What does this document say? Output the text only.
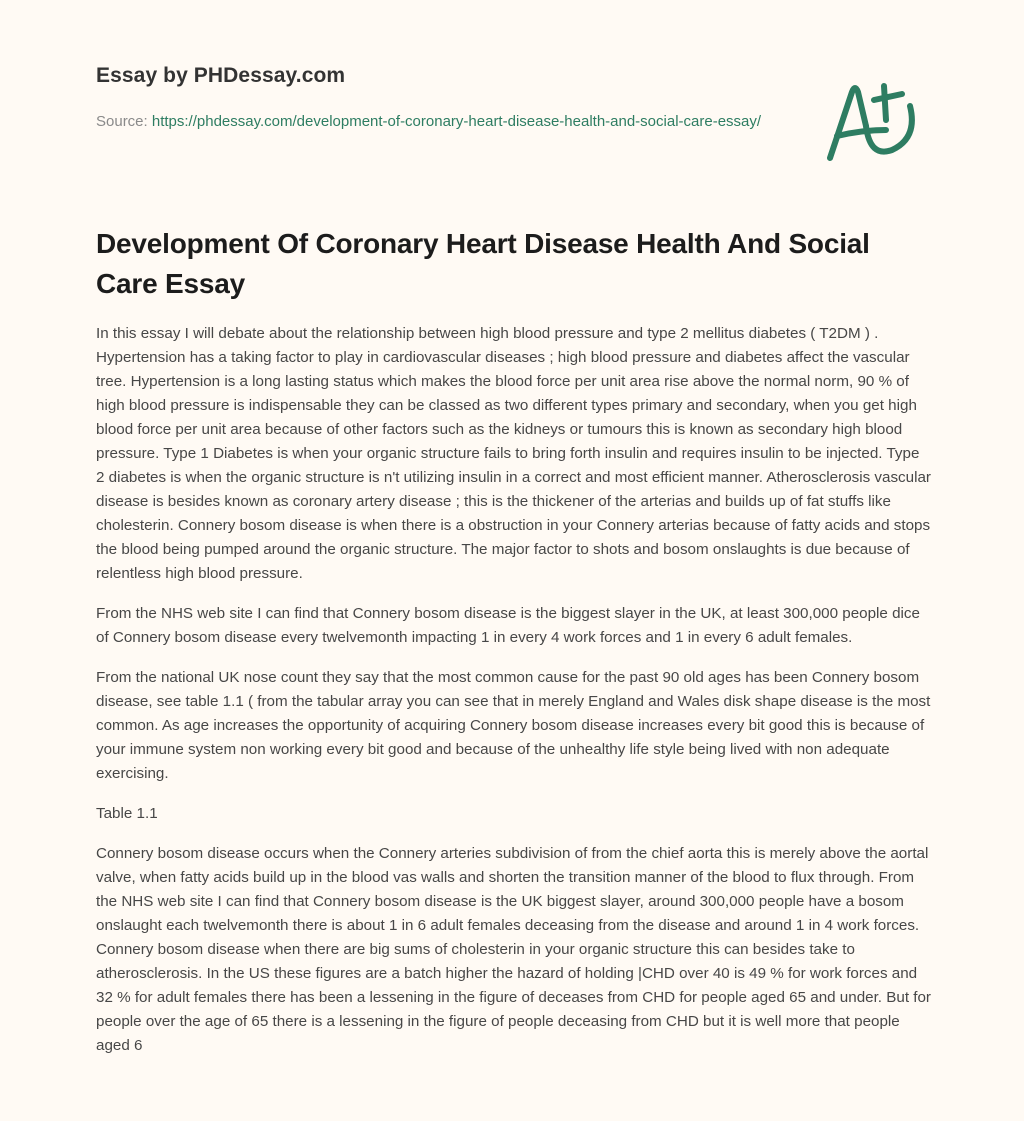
Essay by PHDessay.com
Source: https://phdessay.com/development-of-coronary-heart-disease-health-and-social-care-essay/
Development Of Coronary Heart Disease Health And Social Care Essay

In this essay I will debate about the relationship between high blood pressure and type 2 mellitus diabetes ( T2DM ) . Hypertension has a taking factor to play in cardiovascular diseases ; high blood pressure and diabetes affect the vascular tree. Hypertension is a long lasting status which makes the blood force per unit area rise above the normal norm, 90 % of high blood pressure is indispensable they can be classed as two different types primary and secondary, when you get high blood force per unit area because of other factors such as the kidneys or tumours this is known as secondary high blood pressure. Type 1 Diabetes is when your organic structure fails to bring forth insulin and requires insulin to be injected. Type 2 diabetes is when the organic structure is n't utilizing insulin in a correct and most efficient manner. Atherosclerosis vascular disease is besides known as coronary artery disease ; this is the thickener of the arterias and builds up of fat stuffs like cholesterin. Connery bosom disease is when there is a obstruction in your Connery arterias because of fatty acids and stops the blood being pumped around the organic structure. The major factor to shots and bosom onslaughts is due because of relentless high blood pressure.

From the NHS web site I can find that Connery bosom disease is the biggest slayer in the UK, at least 300,000 people dice of Connery bosom disease every twelvemonth impacting 1 in every 4 work forces and 1 in every 6 adult females.

From the national UK nose count they say that the most common cause for the past 90 old ages has been Connery bosom disease, see table 1.1 ( from the tabular array you can see that in merely England and Wales disk shape disease is the most common. As age increases the opportunity of acquiring Connery bosom disease increases every bit good this is because of your immune system non working every bit good and because of the unhealthy life style being lived with non adequate exercising.

Table 1.1

Connery bosom disease occurs when the Connery arteries subdivision of from the chief aorta this is merely above the aortal valve, when fatty acids build up in the blood vas walls and shorten the transition manner of the blood to flux through. From the NHS web site I can find that Connery bosom disease is the UK biggest slayer, around 300,000 people have a bosom onslaught each twelvemonth there is about 1 in 6 adult females deceasing from the disease and around 1 in 4 work forces. Connery bosom disease when there are big sums of cholesterin in your organic structure this can besides take to atherosclerosis. In the US these figures are a batch higher the hazard of holding |CHD over 40 is 49 % for work forces and 32 % for adult females there has been a lessening in the figure of deceases from CHD for people aged 65 and under. But for people over the age of 65 there is a lessening in the figure of people deceasing from CHD but it is well more that people aged 6
